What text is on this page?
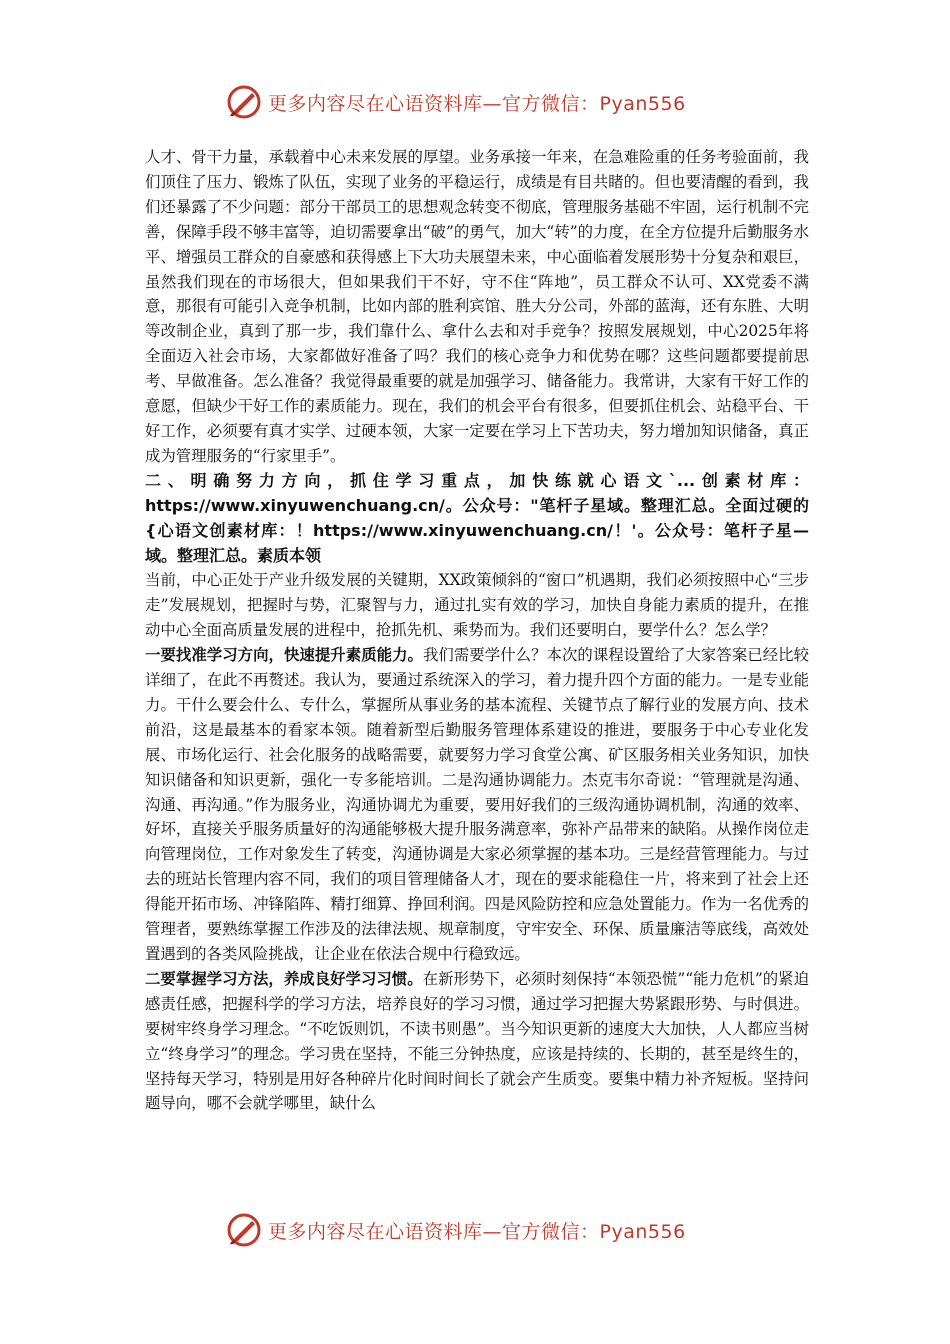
更多内容尽在心语资料库—官方微信：Pyan556

人才、骨干力量，承载着中心未来发展的厚望。业务承接一年来，在急难险重的任务考验面前，我们顶住了压力、锻炼了队伍，实现了业务的平稳运行，成绩是有目共睹的。但也要清醒的看到，我们还暴露了不少问题：部分干部员工的思想观念转变不彻底，管理服务基础不牢固，运行机制不完善，保障手段不够丰富等，迫切需要拿出“破”的勇气，加大“转”的力度，在全方位提升后勤服务水平、增强员工群众的自豪感和获得感上下大功夫展望未来，中心面临着发展形势十分复杂和艰巨，虽然我们现在的市场很大，但如果我们干不好，守不住“阵地”，员工群众不认可、XX党委不满意，那很有可能引入竞争机制，比如内部的胜利宾馆、胜大分公司，外部的蓝海，还有东胜、大明等改制企业，真到了那一步，我们靠什么、拿什么去和对手竞争？按照发展规划，中心2025年将全面迈入社会市场，大家都做好准备了吗？我们的核心竞争力和优势在哪？这些问题都要提前思考、早做准备。怎么准备？我觉得最重要的就是加强学习、储备能力。我常讲，大家有干好工作的意愿，但缺少干好工作的素质能力。现在，我们的机会平台有很多，但要抓住机会、站稳平台、干好工作，必须要有真才实学、过硬本领，大家一定要在学习上下苦功夫，努力增加知识储备，真正成为管理服务的“行家里手”。

二、明确努力方向，抓住学习重点，加快练就心语文`...创素材库：https://www.xinyuwenchuang.cn/。公众号："笔杆子星域。整理汇总。全面过硬的{心语文创素材库：！https://www.xinyuwenchuang.cn/！'。公众号：笔杆子星—域。整理汇总。素质本领

当前，中心正处于产业升级发展的关键期，XX政策倾斜的“窗口”机遇期，我们必须按照中心“三步走”发展规划，把握时与势，汇聚智与力，通过扎实有效的学习，加快自身能力素质的提升，在推动中心全面高质量发展的进程中，抢抓先机、乘势而为。我们还要明白，要学什么？怎么学？

一要找准学习方向，快速提升素质能力。我们需要学什么？本次的课程设置给了大家答案已经比较详细了，在此不再赘述。我认为，要通过系统深入的学习，着力提升四个方面的能力。一是专业能力。干什么要会什么、专什么，掌握所从事业务的基本流程、关键节点了解行业的发展方向、技术前沿，这是最基本的看家本领。随着新型后勤服务管理体系建设的推进，要服务于中心专业化发展、市场化运行、社会化服务的战略需要，就要努力学习食堂公寓、矿区服务相关业务知识，加快知识储备和知识更新，强化一专多能培训。二是沟通协调能力。杰克韦尔奇说：“管理就是沟通、沟通、再沟通。”作为服务业，沟通协调尤为重要，要用好我们的三级沟通协调机制，沟通的效率、好坏，直接关乎服务质量好的沟通能够极大提升服务满意率，弥补产品带来的缺陷。从操作岗位走向管理岗位，工作对象发生了转变，沟通协调是大家必须掌握的基本功。三是经营管理能力。与过去的班站长管理内容不同，我们的项目管理储备人才，现在的要求能稳住一片，将来到了社会上还得能开拓市场、冲锋陷阵、精打细算、挣回利润。四是风险防控和应急处置能力。作为一名优秀的管理者，要熟练掌握工作涉及的法律法规、规章制度，守牢安全、环保、质量廉洁等底线，高效处置遇到的各类风险挑战，让企业在依法合规中行稳致远。

二要掌握学习方法，养成良好学习习惯。在新形势下，必须时刻保持“本领恐慌”“能力危机”的紧迫感责任感，把握科学的学习方法，培养良好的学习习惯，通过学习把握大势紧跟形势、与时俱进。要树牢终身学习理念。“不吃饭则饥，不读书则愚”。当今知识更新的速度大大加快，人人都应当树立“终身学习”的理念。学习贵在坚持，不能三分钟热度，应该是持续的、长期的，甚至是终生的，坚持每天学习，特别是用好各种碎片化时间时间长了就会产生质变。要集中精力补齐短板。坚持问题导向，哪不会就学哪里，缺什么

更多内容尽在心语资料库—官方微信：Pyan556
